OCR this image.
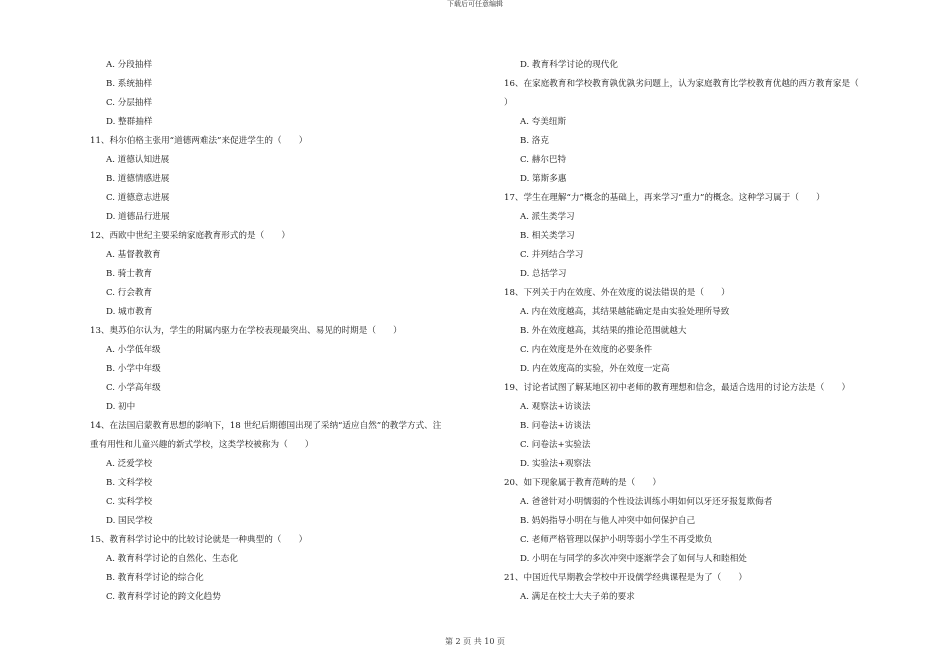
下载后可任意编辑
A. 分段抽样
B. 系统抽样
C. 分层抽样
D. 整群抽样
11、科尔伯格主张用“道德两难法”来促进学生的（　　）
A. 道德认知进展
B. 道德情感进展
C. 道德意志进展
D. 道德品行进展
12、西欧中世纪主要采纳家庭教育形式的是（　　）
A. 基督教教育
B. 骑士教育
C. 行会教育
D. 城市教育
13、奥苏伯尔认为，学生的附属内驱力在学校表现最突出、易见的时期是（　　）
A. 小学低年级
B. 小学中年级
C. 小学高年级
D. 初中
14、在法国启蒙教育思想的影响下，18 世纪后期德国出现了采纳“适应自然”的教学方式、注
重有用性和儿童兴趣的新式学校，这类学校被称为（　　）
A. 泛爱学校
B. 文科学校
C. 实科学校
D. 国民学校
15、教育科学讨论中的比较讨论就是一种典型的（　　）
A. 教育科学讨论的自然化、生态化
B. 教育科学讨论的综合化
C. 教育科学讨论的跨文化趋势
D. 教育科学讨论的现代化
16、在家庭教育和学校教育孰优孰劣问题上，认为家庭教育比学校教育优越的西方教育家是（
）
A. 夸美纽斯
B. 洛克
C. 赫尔巴特
D. 第斯多惠
17、学生在理解“力”概念的基础上，再来学习“重力”的概念。这种学习属于（　　）
A. 派生类学习
B. 相关类学习
C. 并列结合学习
D. 总括学习
18、下列关于内在效度、外在效度的说法错误的是（　　）
A. 内在效度越高，其结果越能确定是由实验处理所导致
B. 外在效度越高，其结果的推论范围就越大
C. 内在效度是外在效度的必要条件
D. 内在效度高的实验，外在效度一定高
19、讨论者试图了解某地区初中老师的教育理想和信念，最适合选用的讨论方法是（　　）
A. 观察法+访谈法
B. 问卷法+访谈法
C. 问卷法+实验法
D. 实验法+观察法
20、如下现象属于教育范畴的是（　　）
A. 爸爸针对小明懦弱的个性设法训练小明如何以牙还牙报复欺侮者
B. 妈妈指导小明在与他人冲突中如何保护自己
C. 老师严格管理以保护小明等弱小学生不再受欺负
D. 小明在与同学的多次冲突中逐渐学会了如何与人和睦相处
21、中国近代早期教会学校中开设儒学经典课程是为了（　　）
A. 满足在校士大夫子弟的要求
第 2 页 共 10 页
